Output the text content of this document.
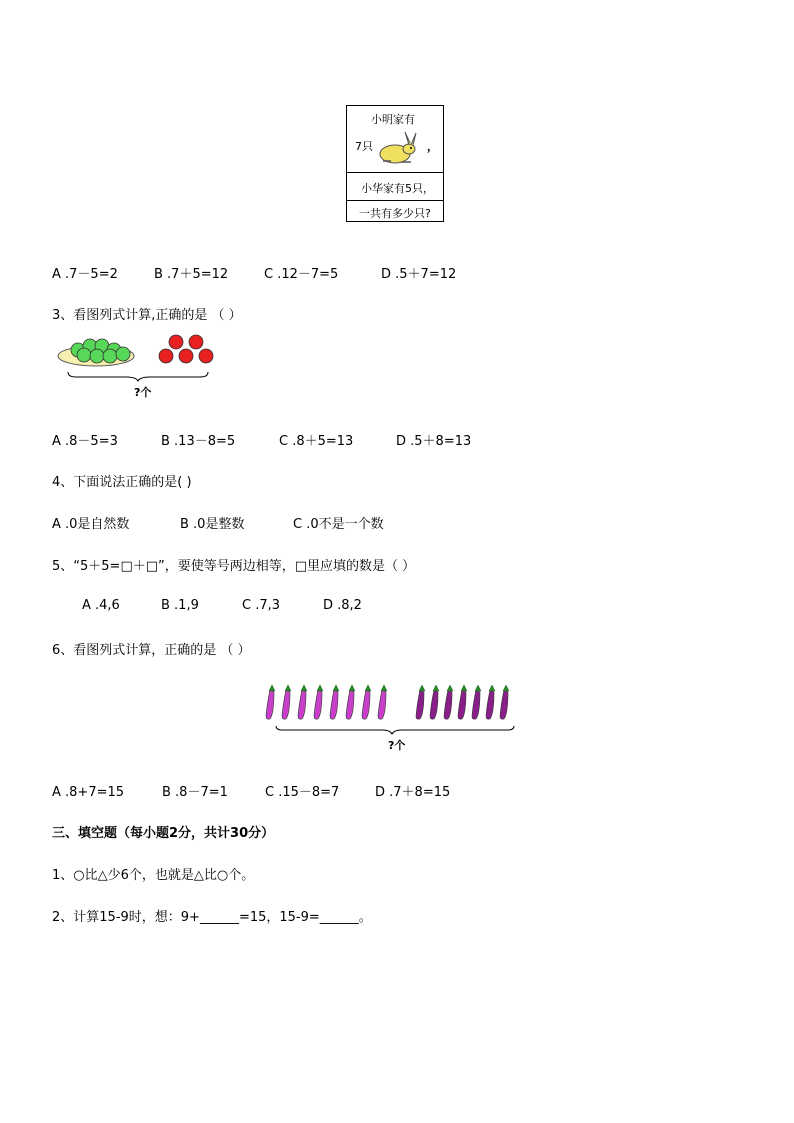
小明家有
7只	，
小华家有5只，
一共有多少只?
A .7－5=2	B .7＋5=12	C .12－7=5	D .5＋7=12
3、看图列式计算,正确的是 （ ）
?个
A .8－5=3	B .13－8=5	C .8＋5=13	D .5＋8=13
4、下面说法正确的是( )
A .0是自然数	B .0是整数	C .0不是一个数
5、“5＋5=□＋□”，要使等号两边相等，□里应填的数是（ ）
A .4,6	B .1,9	C .7,3	D .8,2
6、看图列式计算，正确的是 （ ）
?个
A .8+7=15	B .8－7=1	C .15－8=7	D .7＋8=15
三、填空题（每小题2分，共计30分）
1、○比△少6个，也就是△比○个。
2、计算15-9时，想：9+______=15，15-9=______。
